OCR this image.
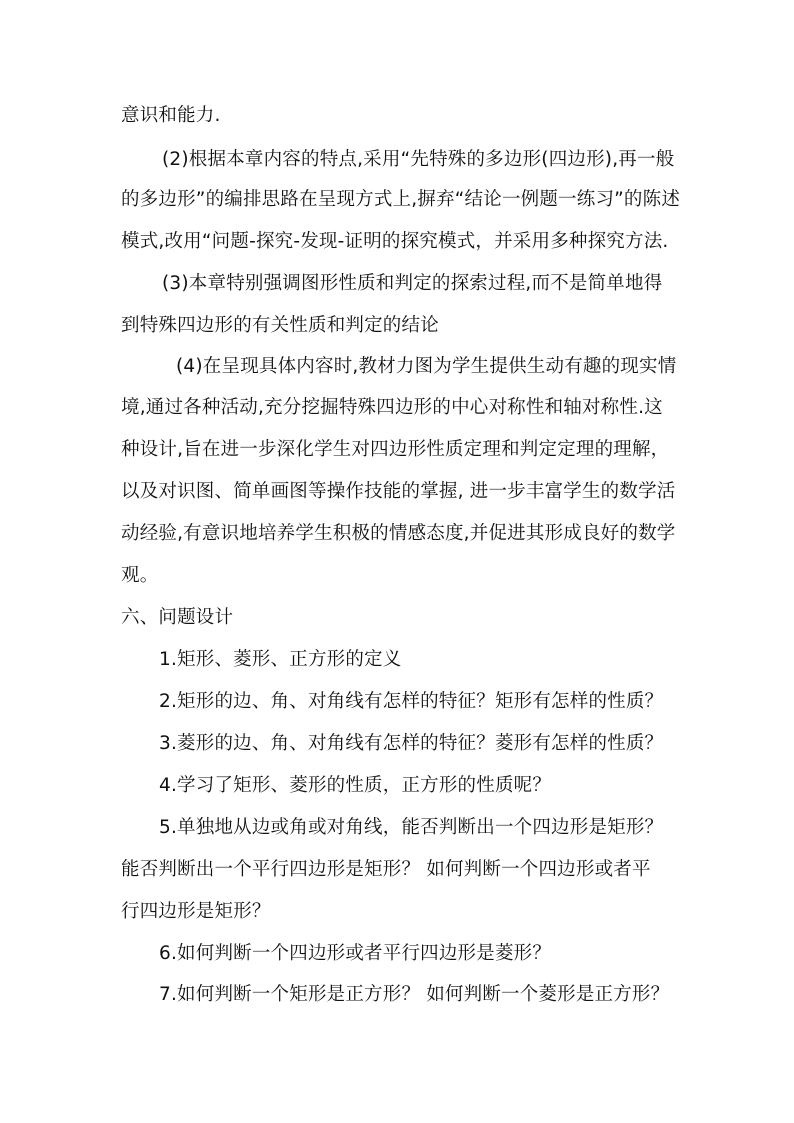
意识和能力.
(2)根据本章内容的特点,采用“先特殊的多边形(四边形),再一般
的多边形”的编排思路在呈现方式上,摒弃“结论一例题一练习”的陈述
模式,改用“问题-探究-发现-证明的探究模式，并采用多种探究方法.
(3)本章特别强调图形性质和判定的探索过程,而不是简单地得
到特殊四边形的有关性质和判定的结论
(4)在呈现具体内容时,教材力图为学生提供生动有趣的现实情
境,通过各种活动,充分挖掘特殊四边形的中心对称性和轴对称性.这
种设计,旨在进一步深化学生对四边形性质定理和判定定理的理解，
以及对识图、简单画图等操作技能的掌握, 进一步丰富学生的数学活
动经验,有意识地培养学生积极的情感态度,并促进其形成良好的数学
观。
六、问题设计
1.矩形、菱形、正方形的定义
2.矩形的边、角、对角线有怎样的特征？矩形有怎样的性质？
3.菱形的边、角、对角线有怎样的特征？菱形有怎样的性质？
4.学习了矩形、菱形的性质，正方形的性质呢？
5.单独地从边或角或对角线，能否判断出一个四边形是矩形？
能否判断出一个平行四边形是矩形？ 如何判断一个四边形或者平
行四边形是矩形？
6.如何判断一个四边形或者平行四边形是菱形？
7.如何判断一个矩形是正方形？ 如何判断一个菱形是正方形？
